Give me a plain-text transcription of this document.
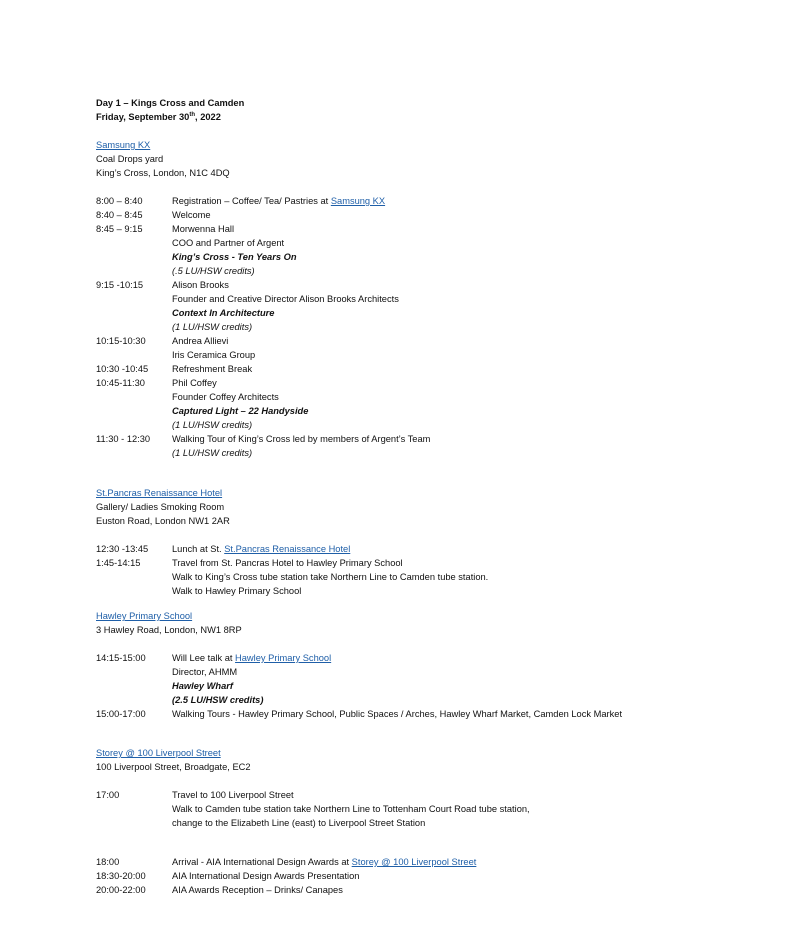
Day 1 – Kings Cross and Camden
Friday, September 30th, 2022
Samsung KX
Coal Drops yard
King’s Cross, London, N1C 4DQ
8:00 – 8:40	Registration – Coffee/ Tea/ Pastries at Samsung KX
8:40 – 8:45	Welcome
8:45 – 9:15	Morwenna Hall
COO and Partner of Argent
King’s Cross - Ten Years On
(.5 LU/HSW credits)
9:15 -10:15	Alison Brooks
Founder and Creative Director Alison Brooks Architects
Context In Architecture
(1 LU/HSW credits)
10:15-10:30	Andrea Allievi
Iris Ceramica Group
10:30 -10:45	Refreshment Break
10:45-11:30	Phil Coffey
Founder Coffey Architects
Captured Light – 22 Handyside
(1 LU/HSW credits)
11:30 - 12:30	Walking Tour of King’s Cross led by members of Argent’s Team
(1 LU/HSW credits)
St.Pancras Renaissance Hotel
Gallery/ Ladies Smoking Room
Euston Road, London NW1 2AR
12:30 -13:45	Lunch at St. St.Pancras Renaissance Hotel
1:45-14:15	Travel from St. Pancras Hotel to Hawley Primary School
Walk to King’s Cross tube station take Northern Line to Camden tube station.
Walk to Hawley Primary School
Hawley Primary School
3 Hawley Road, London, NW1 8RP
14:15-15:00	Will Lee talk at Hawley Primary School
Director, AHMM
Hawley Wharf
(2.5 LU/HSW credits)
15:00-17:00	Walking Tours - Hawley Primary School, Public Spaces / Arches, Hawley Wharf Market, Camden Lock Market
Storey @ 100 Liverpool Street
100 Liverpool Street, Broadgate, EC2
17:00	Travel to 100 Liverpool Street
Walk to Camden tube station take Northern Line to Tottenham Court Road tube station,
change to the Elizabeth Line (east) to Liverpool Street Station
18:00	Arrival - AIA International Design Awards at Storey @ 100 Liverpool Street
18:30-20:00	AIA International Design Awards Presentation
20:00-22:00	AIA Awards Reception – Drinks/ Canapes
